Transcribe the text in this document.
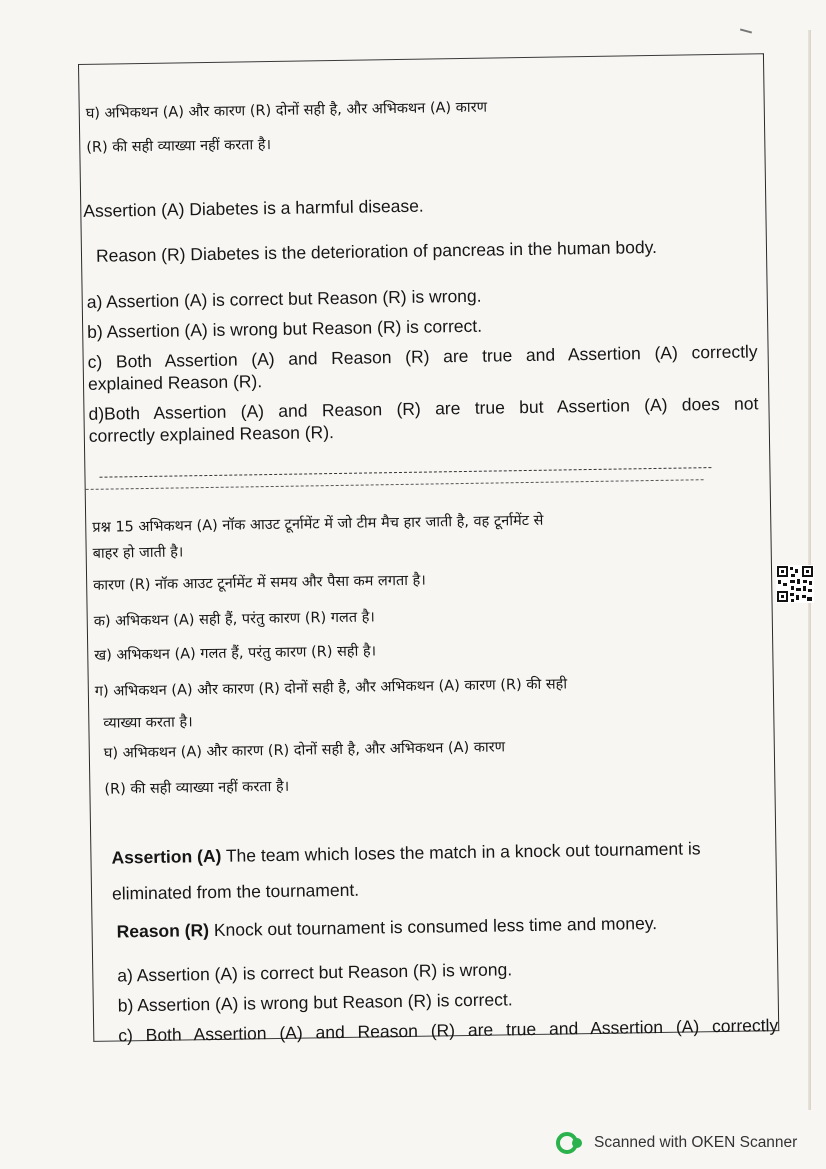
घ) अभिकथन (A) और कारण (R) दोनों सही है, और अभिकथन (A) कारण
(R) की सही व्याख्या नहीं करता है।
Assertion (A) Diabetes is a harmful disease.
Reason (R) Diabetes is the deterioration of pancreas in the human body.
a) Assertion (A) is correct but Reason (R) is wrong.
b) Assertion (A) is wrong but Reason (R) is correct.
c) Both Assertion (A) and Reason (R) are true and Assertion (A) correctly
explained Reason (R).
d)Both Assertion (A) and Reason (R) are true but Assertion (A) does not
correctly explained Reason (R).
प्रश्न 15 अभिकथन (A) नॉक आउट टूर्नामेंट में जो टीम मैच हार जाती है, वह टूर्नामेंट से
बाहर हो जाती है।
कारण (R) नॉक आउट टूर्नामेंट में समय और पैसा कम लगता है।
क) अभिकथन (A) सही हैं, परंतु कारण (R) गलत है।
ख) अभिकथन (A) गलत हैं, परंतु कारण (R) सही है।
ग) अभिकथन (A) और कारण (R) दोनों सही है, और अभिकथन (A) कारण (R) की सही
व्याख्या करता है।
घ) अभिकथन (A) और कारण (R) दोनों सही है, और अभिकथन (A) कारण
(R) की सही व्याख्या नहीं करता है।
Assertion (A) The team which loses the match in a knock out tournament is
eliminated from the tournament.
Reason (R) Knock out tournament is consumed less time and money.
a) Assertion (A) is correct but Reason (R) is wrong.
b) Assertion (A) is wrong but Reason (R) is correct.
c) Both Assertion (A) and Reason (R) are true and Assertion (A) correctly
Scanned with OKEN Scanner
